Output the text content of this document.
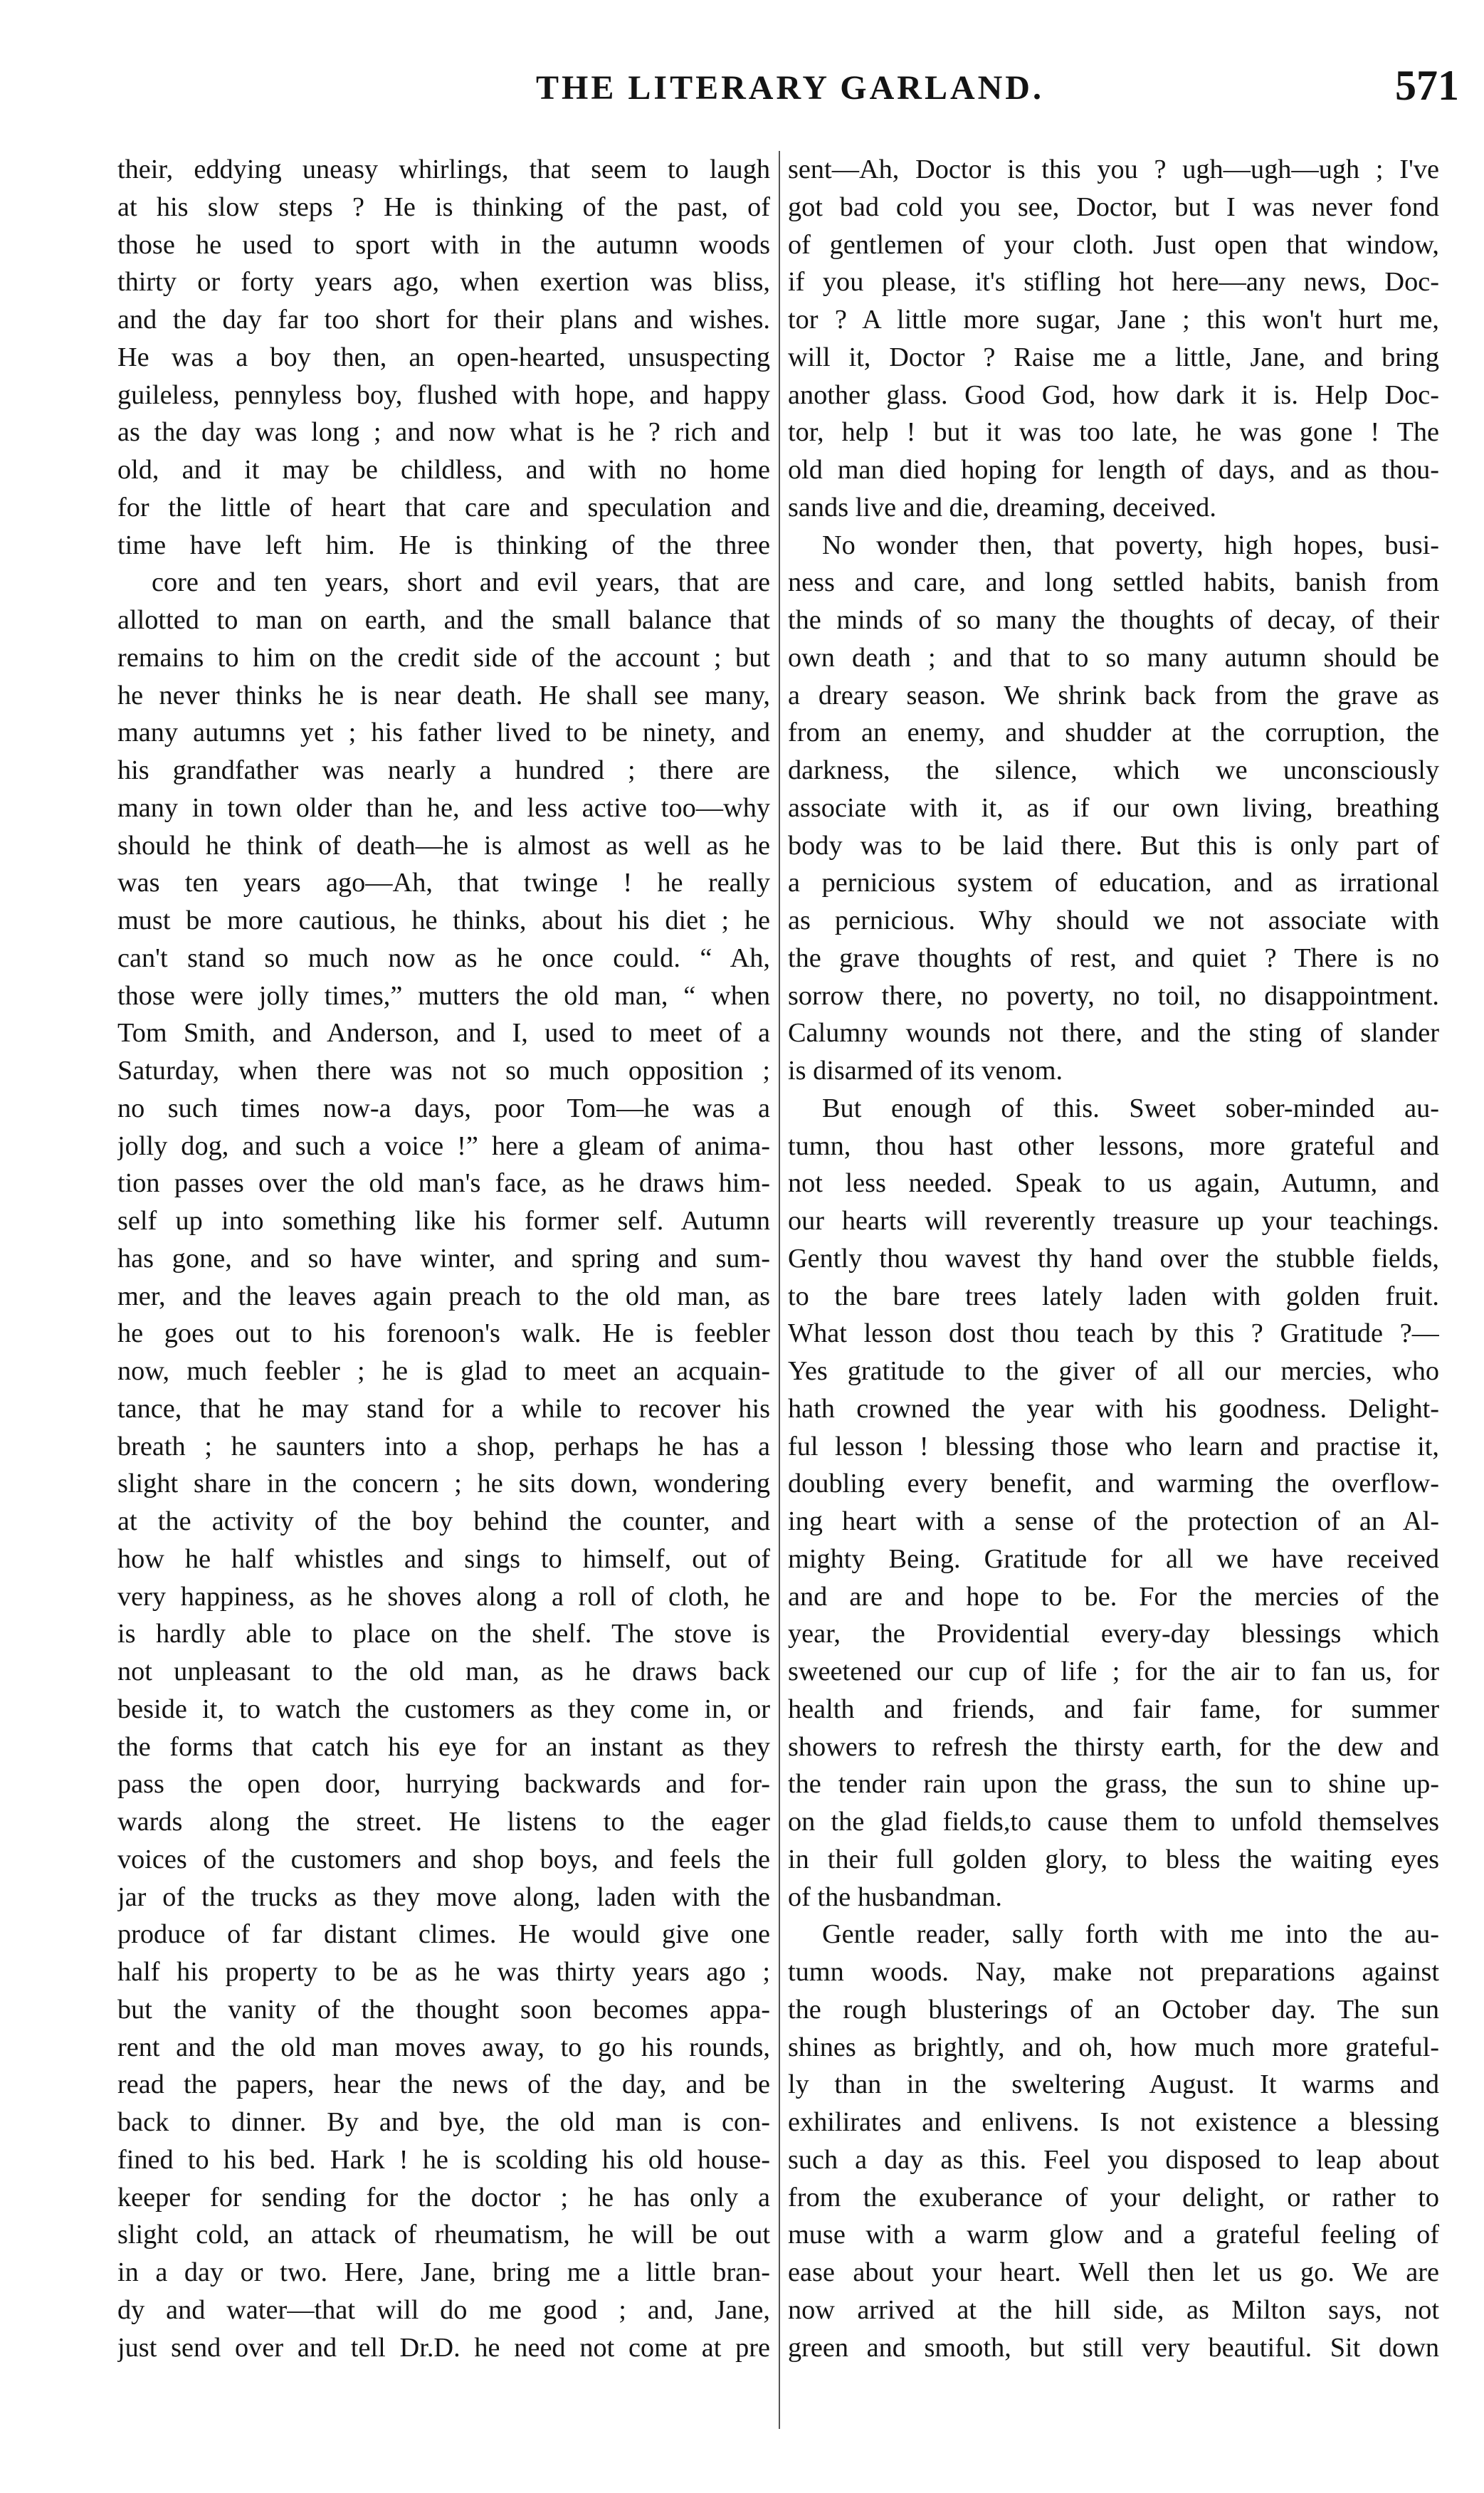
THE LITERARY GARLAND.	571
their, eddying uneasy whirlings, that seem to laugh
at his slow steps ? He is thinking of the past, of
those he used to sport with in the autumn woods
thirty or forty years ago, when exertion was bliss,
and the day far too short for their plans and wishes.
He was a boy then, an open-hearted, unsuspecting
guileless, pennyless boy, flushed with hope, and happy
as the day was long ; and now what is he ? rich and
old, and it may be childless, and with no home
for the little of heart that care and speculation and
time have left him. He is thinking of the three
core and ten years, short and evil years, that are
allotted to man on earth, and the small balance that
remains to him on the credit side of the account ; but
he never thinks he is near death. He shall see many,
many autumns yet ; his father lived to be ninety, and
his grandfather was nearly a hundred ; there are
many in town older than he, and less active too—why
should he think of death—he is almost as well as he
was ten years ago—Ah, that twinge ! he really
must be more cautious, he thinks, about his diet ; he
can't stand so much now as he once could. “ Ah,
those were jolly times,” mutters the old man, “ when
Tom Smith, and Anderson, and I, used to meet of a
Saturday, when there was not so much opposition ;
no such times now-a days, poor Tom—he was a
jolly dog, and such a voice !” here a gleam of anima-
tion passes over the old man's face, as he draws him-
self up into something like his former self. Autumn
has gone, and so have winter, and spring and sum-
mer, and the leaves again preach to the old man, as
he goes out to his forenoon's walk. He is feebler
now, much feebler ; he is glad to meet an acquain-
tance, that he may stand for a while to recover his
breath ; he saunters into a shop, perhaps he has a
slight share in the concern ; he sits down, wondering
at the activity of the boy behind the counter, and
how he half whistles and sings to himself, out of
very happiness, as he shoves along a roll of cloth, he
is hardly able to place on the shelf. The stove is
not unpleasant to the old man, as he draws back
beside it, to watch the customers as they come in, or
the forms that catch his eye for an instant as they
pass the open door, hurrying backwards and for-
wards along the street. He listens to the eager
voices of the customers and shop boys, and feels the
jar of the trucks as they move along, laden with the
produce of far distant climes. He would give one
half his property to be as he was thirty years ago ;
but the vanity of the thought soon becomes appa-
rent and the old man moves away, to go his rounds,
read the papers, hear the news of the day, and be
back to dinner. By and bye, the old man is con-
fined to his bed. Hark ! he is scolding his old house-
keeper for sending for the doctor ; he has only a
slight cold, an attack of rheumatism, he will be out
in a day or two. Here, Jane, bring me a little bran-
dy and water—that will do me good ; and, Jane,
just send over and tell Dr.D. he need not come at pre
sent—Ah, Doctor is this you ? ugh—ugh—ugh ; I've
got bad cold you see, Doctor, but I was never fond
of gentlemen of your cloth. Just open that window,
if you please, it's stifling hot here—any news, Doc-
tor ? A little more sugar, Jane ; this won't hurt me,
will it, Doctor ? Raise me a little, Jane, and bring
another glass. Good God, how dark it is. Help Doc-
tor, help ! but it was too late, he was gone ! The
old man died hoping for length of days, and as thou-
sands live and die, dreaming, deceived.
No wonder then, that poverty, high hopes, busi-
ness and care, and long settled habits, banish from
the minds of so many the thoughts of decay, of their
own death ; and that to so many autumn should be
a dreary season. We shrink back from the grave as
from an enemy, and shudder at the corruption, the
darkness, the silence, which we unconsciously
associate with it, as if our own living, breathing
body was to be laid there. But this is only part of
a pernicious system of education, and as irrational
as pernicious. Why should we not associate with
the grave thoughts of rest, and quiet ? There is no
sorrow there, no poverty, no toil, no disappointment.
Calumny wounds not there, and the sting of slander
is disarmed of its venom.
But enough of this. Sweet sober-minded au-
tumn, thou hast other lessons, more grateful and
not less needed. Speak to us again, Autumn, and
our hearts will reverently treasure up your teachings.
Gently thou wavest thy hand over the stubble fields,
to the bare trees lately laden with golden fruit.
What lesson dost thou teach by this ? Gratitude ?—
Yes gratitude to the giver of all our mercies, who
hath crowned the year with his goodness. Delight-
ful lesson ! blessing those who learn and practise it,
doubling every benefit, and warming the overflow-
ing heart with a sense of the protection of an Al-
mighty Being. Gratitude for all we have received
and are and hope to be. For the mercies of the
year, the Providential every-day blessings which
sweetened our cup of life ; for the air to fan us, for
health and friends, and fair fame, for summer
showers to refresh the thirsty earth, for the dew and
the tender rain upon the grass, the sun to shine up-
on the glad fields,to cause them to unfold themselves
in their full golden glory, to bless the waiting eyes
of the husbandman.
Gentle reader, sally forth with me into the au-
tumn woods. Nay, make not preparations against
the rough blusterings of an October day. The sun
shines as brightly, and oh, how much more grateful-
ly than in the sweltering August. It warms and
exhilirates and enlivens. Is not existence a blessing
such a day as this. Feel you disposed to leap about
from the exuberance of your delight, or rather to
muse with a warm glow and a grateful feeling of
ease about your heart. Well then let us go. We are
now arrived at the hill side, as Milton says, not
green and smooth, but still very beautiful. Sit down
